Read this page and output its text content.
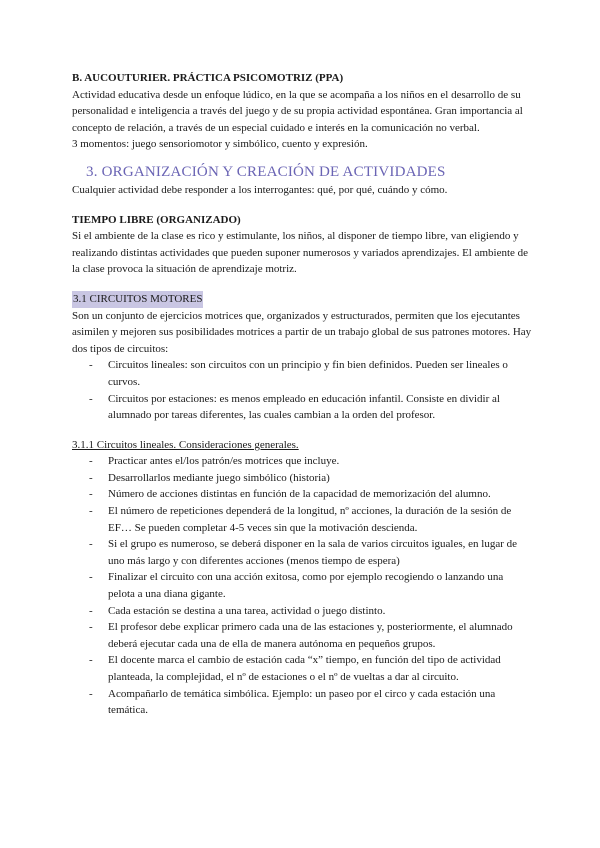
B. AUCOUTURIER. PRÁCTICA PSICOMOTRIZ (PPA)

Actividad educativa desde un enfoque lúdico, en la que se acompaña a los niños en el desarrollo de su personalidad e inteligencia a través del juego y de su propia actividad espontánea. Gran importancia al concepto de relación, a través de un especial cuidado e interés en la comunicación no verbal.

3 momentos: juego sensoriomotor y simbólico, cuento y expresión.

3. ORGANIZACIÓN Y CREACIÓN DE ACTIVIDADES

Cualquier actividad debe responder a los interrogantes: qué, por qué, cuándo y cómo.

TIEMPO LIBRE (ORGANIZADO)

Si el ambiente de la clase es rico y estimulante, los niños, al disponer de tiempo libre, van eligiendo y realizando distintas actividades que pueden suponer numerosos y variados aprendizajes. El ambiente de la clase provoca la situación de aprendizaje motriz.

3.1 CIRCUITOS MOTORES

Son un conjunto de ejercicios motrices que, organizados y estructurados, permiten que los ejecutantes asimilen y mejoren sus posibilidades motrices a partir de un trabajo global de sus patrones motores. Hay dos tipos de circuitos:

- Circuitos lineales: son circuitos con un principio y fin bien definidos. Pueden ser lineales o curvos.
- Circuitos por estaciones: es menos empleado en educación infantil. Consiste en dividir al alumnado por tareas diferentes, las cuales cambian a la orden del profesor.

3.1.1 Circuitos lineales. Consideraciones generales.

- Practicar antes el/los patrón/es motrices que incluye.
- Desarrollarlos mediante juego simbólico (historia)
- Número de acciones distintas en función de la capacidad de memorización del alumno.
- El número de repeticiones dependerá de la longitud, nº acciones, la duración de la sesión de EF… Se pueden completar 4-5 veces sin que la motivación descienda.
- Si el grupo es numeroso, se deberá disponer en la sala de varios circuitos iguales, en lugar de uno más largo y con diferentes acciones (menos tiempo de espera)
- Finalizar el circuito con una acción exitosa, como por ejemplo recogiendo o lanzando una pelota a una diana gigante.
- Cada estación se destina a una tarea, actividad o juego distinto.
- El profesor debe explicar primero cada una de las estaciones y, posteriormente, el alumnado deberá ejecutar cada una de ella de manera autónoma en pequeños grupos.
- El docente marca el cambio de estación cada “x” tiempo, en función del tipo de actividad planteada, la complejidad, el nº de estaciones o el nº de vueltas a dar al circuito.
- Acompañarlo de temática simbólica. Ejemplo: un paseo por el circo y cada estación una temática.
